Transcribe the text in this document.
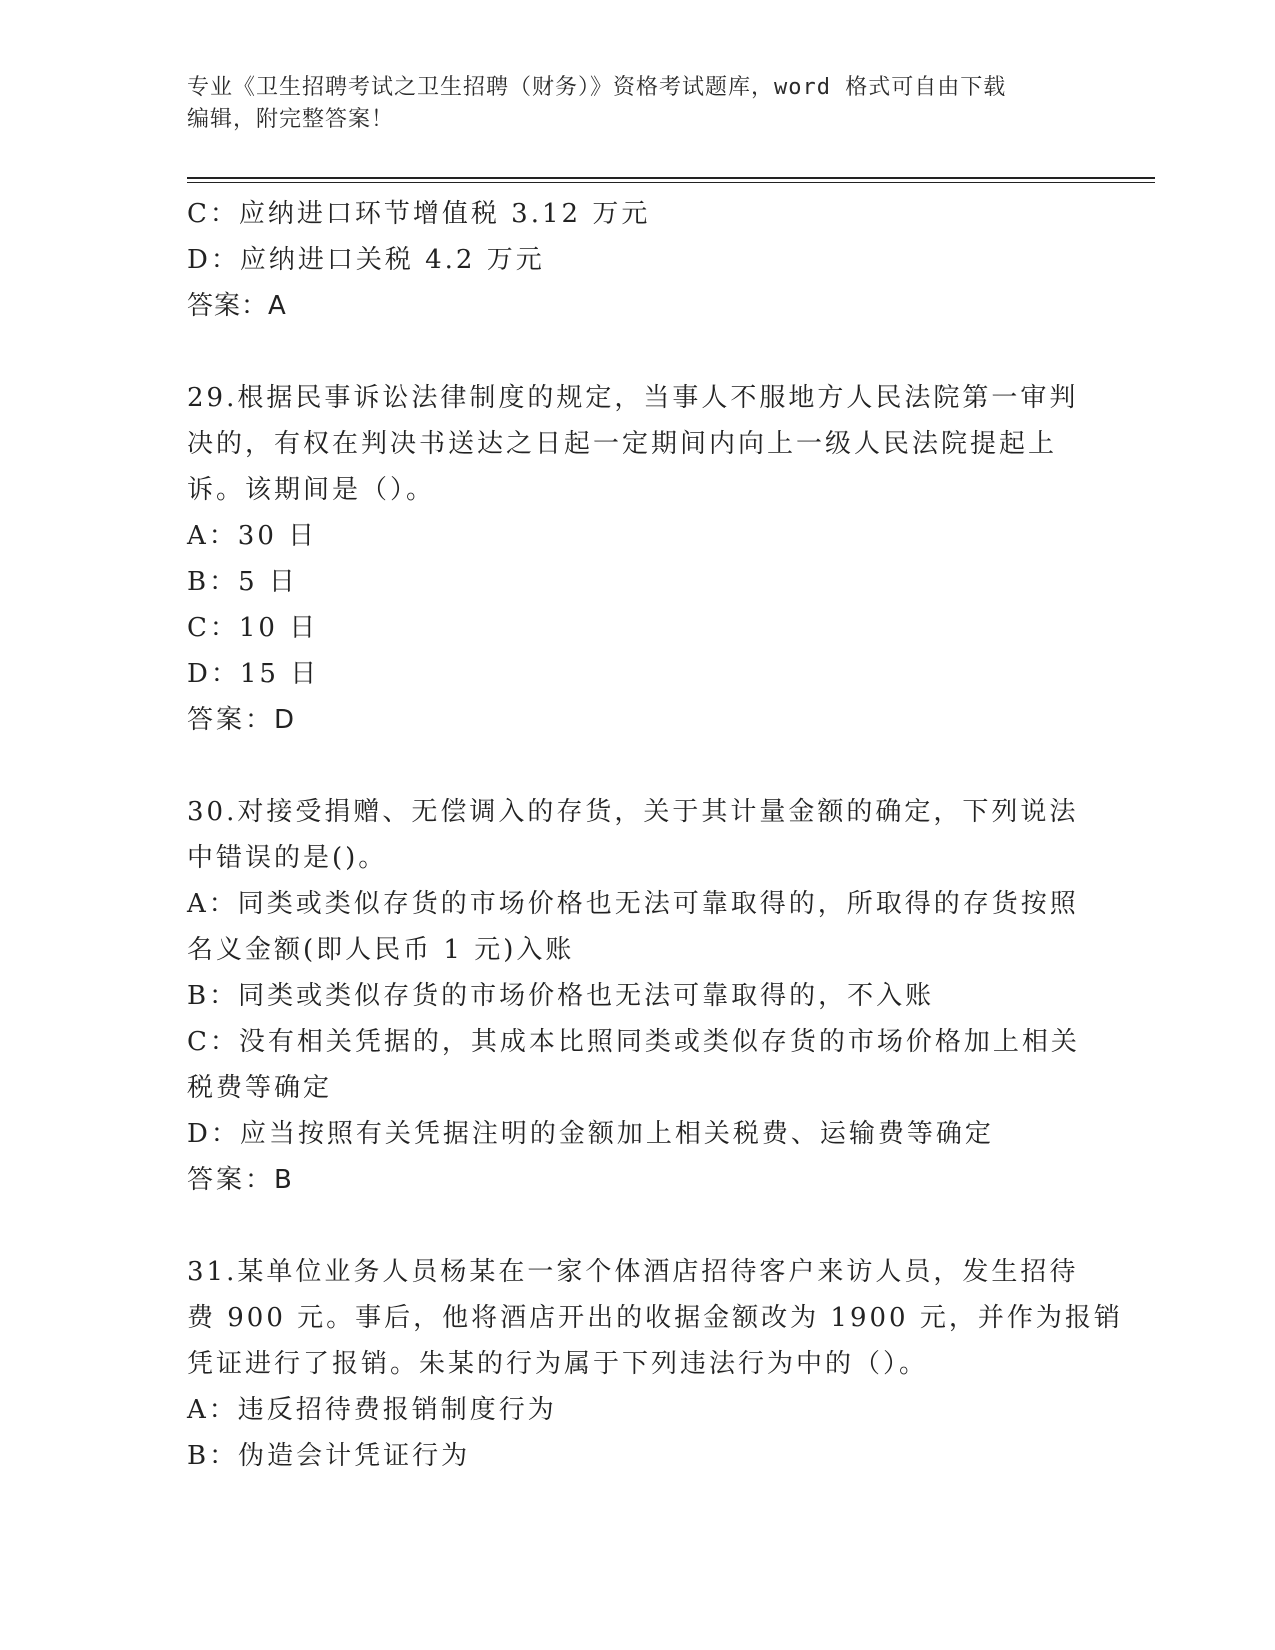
专业《卫生招聘考试之卫生招聘（财务）》资格考试题库，word 格式可自由下载
编辑，附完整答案！
C：应纳进口环节增值税 3.12 万元
D：应纳进口关税 4.2 万元
答案：A
29.根据民事诉讼法律制度的规定，当事人不服地方人民法院第一审判
决的，有权在判决书送达之日起一定期间内向上一级人民法院提起上
诉。该期间是（）。
A：30 日
B：5 日
C：10 日
D：15 日
答案：D
30.对接受捐赠、无偿调入的存货，关于其计量金额的确定，下列说法
中错误的是()。
A：同类或类似存货的市场价格也无法可靠取得的，所取得的存货按照
名义金额(即人民币 1 元)入账
B：同类或类似存货的市场价格也无法可靠取得的，不入账
C：没有相关凭据的，其成本比照同类或类似存货的市场价格加上相关
税费等确定
D：应当按照有关凭据注明的金额加上相关税费、运输费等确定
答案：B
31.某单位业务人员杨某在一家个体酒店招待客户来访人员，发生招待
费 900 元。事后，他将酒店开出的收据金额改为 1900 元，并作为报销
凭证进行了报销。朱某的行为属于下列违法行为中的（）。
A：违反招待费报销制度行为
B：伪造会计凭证行为
